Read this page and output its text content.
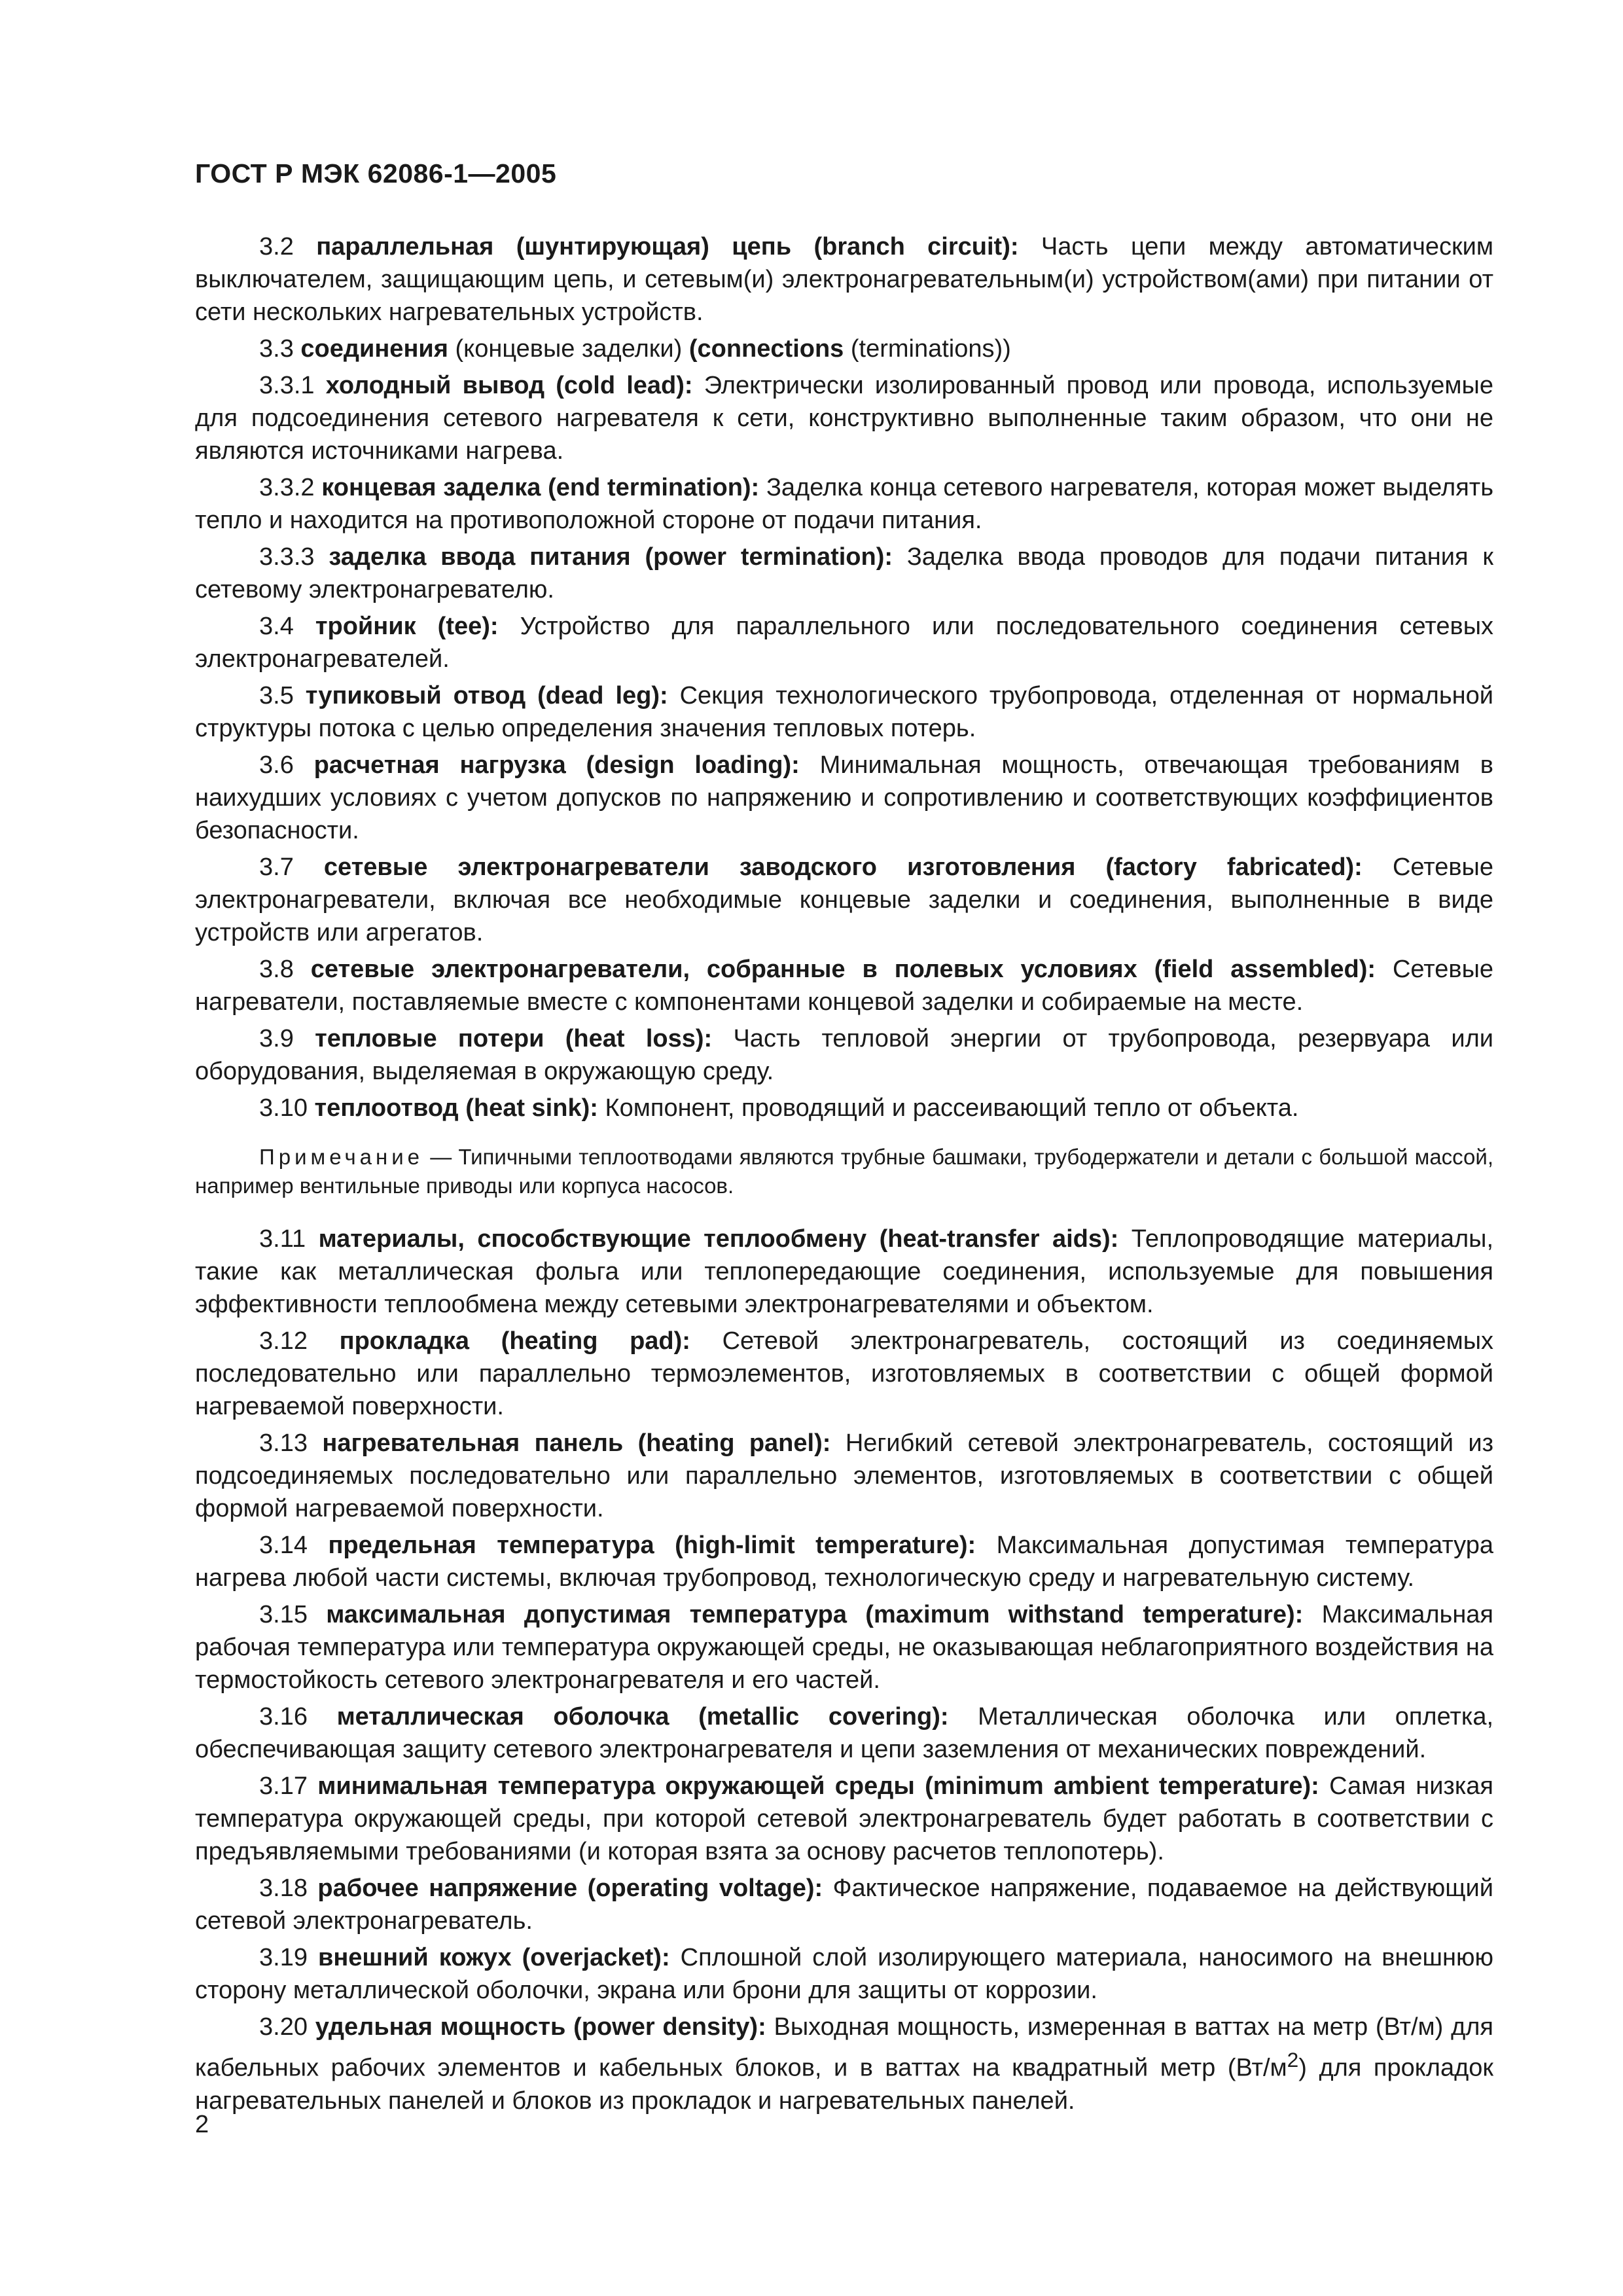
ГОСТ Р МЭК 62086-1—2005

3.2 параллельная (шунтирующая) цепь (branch circuit): Часть цепи между автоматическим выключателем, защищающим цепь, и сетевым(и) электронагревательным(и) устройством(ами) при питании от сети нескольких нагревательных устройств.

3.3 соединения (концевые заделки) (connections (terminations))

3.3.1 холодный вывод (cold lead): Электрически изолированный провод или провода, используемые для подсоединения сетевого нагревателя к сети, конструктивно выполненные таким образом, что они не являются источниками нагрева.

3.3.2 концевая заделка (end termination): Заделка конца сетевого нагревателя, которая может выделять тепло и находится на противоположной стороне от подачи питания.

3.3.3 заделка ввода питания (power termination): Заделка ввода проводов для подачи питания к сетевому электронагревателю.

3.4 тройник (tee): Устройство для параллельного или последовательного соединения сетевых электронагревателей.

3.5 тупиковый отвод (dead leg): Секция технологического трубопровода, отделенная от нормальной структуры потока с целью определения значения тепловых потерь.

3.6 расчетная нагрузка (design loading): Минимальная мощность, отвечающая требованиям в наихудших условиях с учетом допусков по напряжению и сопротивлению и соответствующих коэффициентов безопасности.

3.7 сетевые электронагреватели заводского изготовления (factory fabricated): Сетевые электронагреватели, включая все необходимые концевые заделки и соединения, выполненные в виде устройств или агрегатов.

3.8 сетевые электронагреватели, собранные в полевых условиях (field assembled): Сетевые нагреватели, поставляемые вместе с компонентами концевой заделки и собираемые на месте.

3.9 тепловые потери (heat loss): Часть тепловой энергии от трубопровода, резервуара или оборудования, выделяемая в окружающую среду.

3.10 теплоотвод (heat sink): Компонент, проводящий и рассеивающий тепло от объекта.

Примечание — Типичными теплоотводами являются трубные башмаки, трубодержатели и детали с большой массой, например вентильные приводы или корпуса насосов.

3.11 материалы, способствующие теплообмену (heat-transfer aids): Теплопроводящие материалы, такие как металлическая фольга или теплопередающие соединения, используемые для повышения эффективности теплообмена между сетевыми электронагревателями и объектом.

3.12 прокладка (heating pad): Сетевой электронагреватель, состоящий из соединяемых последовательно или параллельно термоэлементов, изготовляемых в соответствии с общей формой нагреваемой поверхности.

3.13 нагревательная панель (heating panel): Негибкий сетевой электронагреватель, состоящий из подсоединяемых последовательно или параллельно элементов, изготовляемых в соответствии с общей формой нагреваемой поверхности.

3.14 предельная температура (high-limit temperature): Максимальная допустимая температура нагрева любой части системы, включая трубопровод, технологическую среду и нагревательную систему.

3.15 максимальная допустимая температура (maximum withstand temperature): Максимальная рабочая температура или температура окружающей среды, не оказывающая неблагоприятного воздействия на термостойкость сетевого электронагревателя и его частей.

3.16 металлическая оболочка (metallic covering): Металлическая оболочка или оплетка, обеспечивающая защиту сетевого электронагревателя и цепи заземления от механических повреждений.

3.17 минимальная температура окружающей среды (minimum ambient temperature): Самая низкая температура окружающей среды, при которой сетевой электронагреватель будет работать в соответствии с предъявляемыми требованиями (и которая взята за основу расчетов теплопотерь).

3.18 рабочее напряжение (operating voltage): Фактическое напряжение, подаваемое на действующий сетевой электронагреватель.

3.19 внешний кожух (overjacket): Сплошной слой изолирующего материала, наносимого на внешнюю сторону металлической оболочки, экрана или брони для защиты от коррозии.

3.20 удельная мощность (power density): Выходная мощность, измеренная в ваттах на метр (Вт/м) для кабельных рабочих элементов и кабельных блоков, и в ваттах на квадратный метр $(Вт/м^2)$ для прокладок нагревательных панелей и блоков из прокладок и нагревательных панелей.

2
